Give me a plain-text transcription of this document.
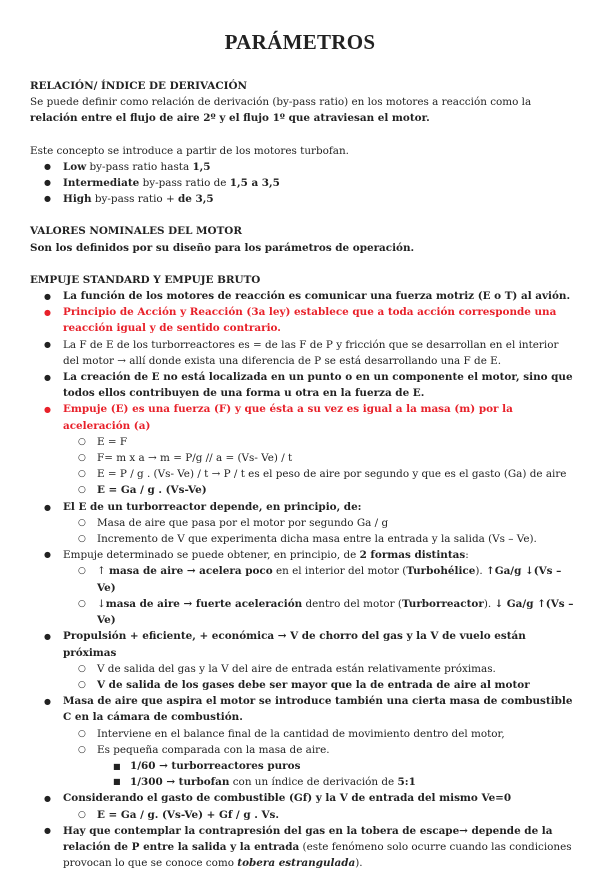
PARÁMETROS
RELACIÓN/ ÍNDICE DE DERIVACIÓN
Se puede definir como relación de derivación (by-pass ratio) en los motores a reacción como la relación entre el flujo de aire 2º y el flujo 1º que atraviesan el motor.
Este concepto se introduce a partir de los motores turbofan.
● Low by-pass ratio hasta 1,5
● Intermediate by-pass ratio de 1,5 a 3,5
● High by-pass ratio + de 3,5
VALORES NOMINALES DEL MOTOR
Son los definidos por su diseño para los parámetros de operación.
EMPUJE STANDARD Y EMPUJE BRUTO
● La función de los motores de reacción es comunicar una fuerza motriz (E o T) al avión.
● Principio de Acción y Reacción (3a ley) establece que a toda acción corresponde una reacción igual y de sentido contrario.
● La F de E de los turborreactores es = de las F de P y fricción que se desarrollan en el interior del motor → allí donde exista una diferencia de P se está desarrollando una F de E.
● La creación de E no está localizada en un punto o en un componente el motor, sino que todos ellos contribuyen de una forma u otra en la fuerza de E.
● Empuje (E) es una fuerza (F) y que ésta a su vez es igual a la masa (m) por la aceleración (a)
○ E = F
○ F= m x a → m = P/g // a = (Vs- Ve) / t
○ E = P / g . (Vs- Ve) / t → P / t es el peso de aire por segundo y que es el gasto (Ga) de aire
○ E = Ga / g . (Vs-Ve)
● El E de un turborreactor depende, en principio, de:
○ Masa de aire que pasa por el motor por segundo Ga / g
○ Incremento de V que experimenta dicha masa entre la entrada y la salida (Vs – Ve).
● Empuje determinado se puede obtener, en principio, de 2 formas distintas:
○ ↑ masa de aire → acelera poco en el interior del motor (Turbohélice). ↑Ga/g ↓(Vs – Ve)
○ ↓masa de aire → fuerte aceleración dentro del motor (Turborreactor). ↓ Ga/g ↑(Vs – Ve)
● Propulsión + eficiente, + económica → V de chorro del gas y la V de vuelo están próximas
○ V de salida del gas y la V del aire de entrada están relativamente próximas.
○ V de salida de los gases debe ser mayor que la de entrada de aire al motor
● Masa de aire que aspira el motor se introduce también una cierta masa de combustible C en la cámara de combustión.
○ Interviene en el balance final de la cantidad de movimiento dentro del motor,
○ Es pequeña comparada con la masa de aire.
■ 1/60 → turborreactores puros
■ 1/300 → turbofan con un índice de derivación de 5:1
● Considerando el gasto de combustible (Gf) y la V de entrada del mismo Ve=0
○ E = Ga / g. (Vs-Ve) + Gf / g . Vs.
● Hay que contemplar la contrapresión del gas en la tobera de escape→ depende de la relación de P entre la salida y la entrada (este fenómeno solo ocurre cuando las condiciones provocan lo que se conoce como tobera estrangulada).
